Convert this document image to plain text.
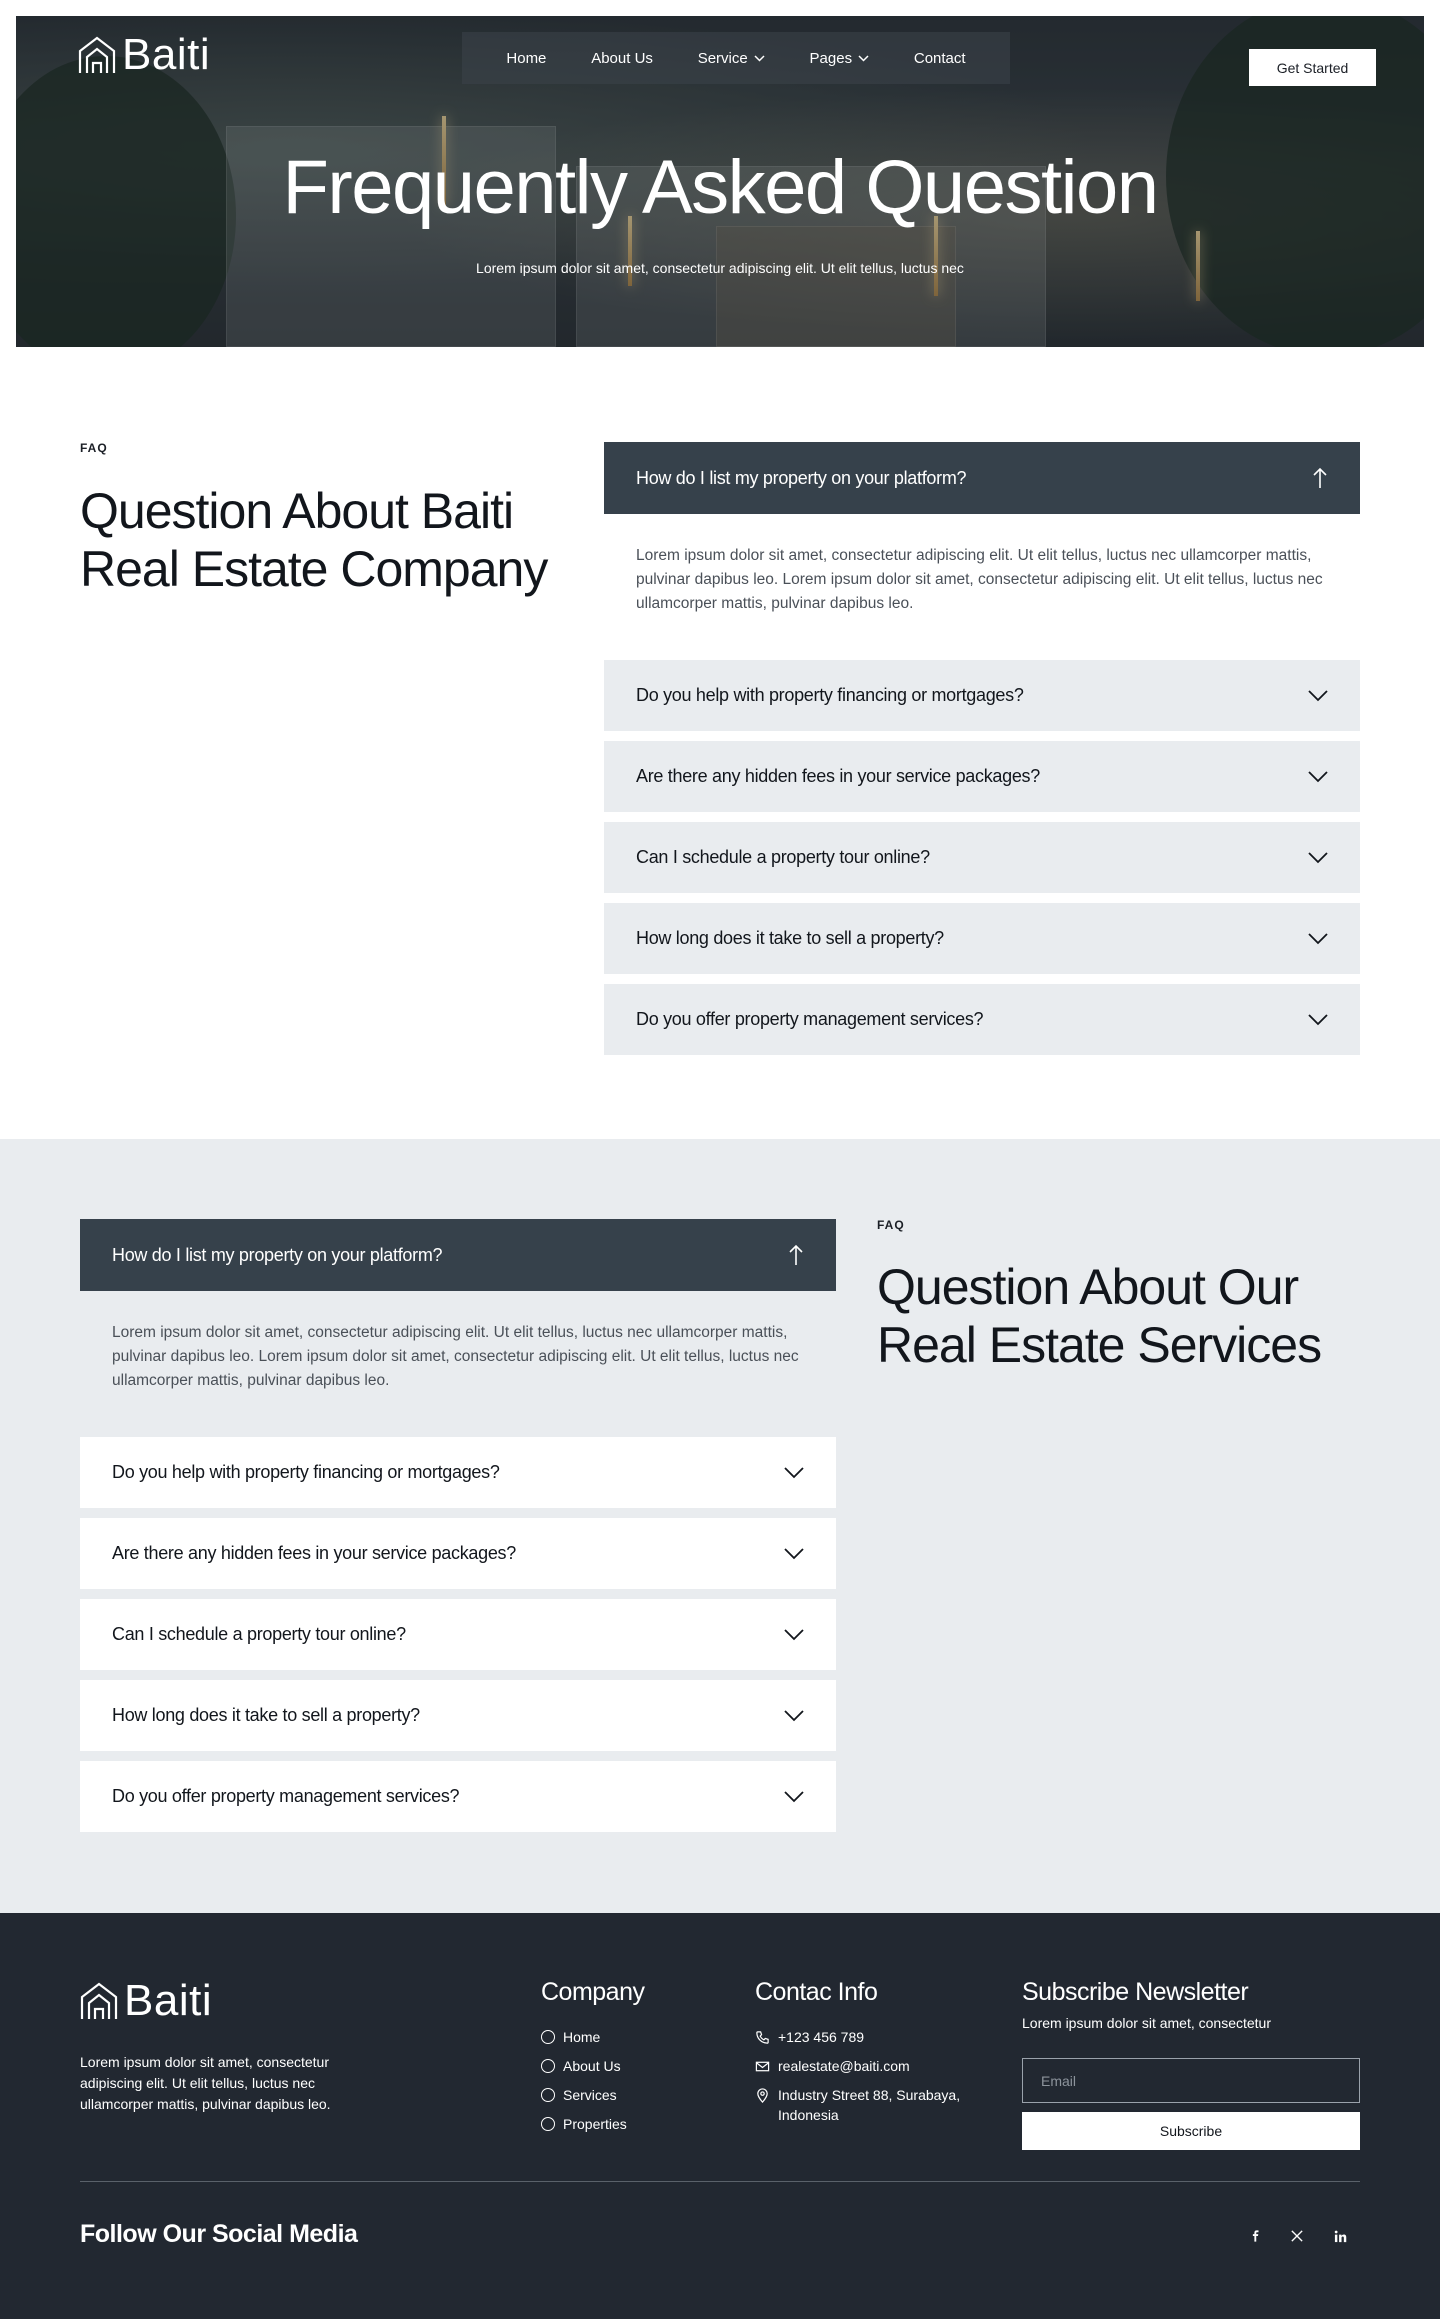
Baiti	Home	About Us	Service	Pages	Contact
Get Started
Frequently Asked Question

Lorem ipsum dolor sit amet, consectetur adipiscing elit. Ut elit tellus, luctus nec

FAQ
Question About Baiti
Real Estate Company
How do I list my property on your platform?
Lorem ipsum dolor sit amet, consectetur adipiscing elit. Ut elit tellus, luctus nec ullamcorper mattis, pulvinar dapibus leo. Lorem ipsum dolor sit amet, consectetur adipiscing elit. Ut elit tellus, luctus nec ullamcorper mattis, pulvinar dapibus leo.
Do you help with property financing or mortgages?
Are there any hidden fees in your service packages?
Can I schedule a property tour online?
How long does it take to sell a property?
Do you offer property management services?
How do I list my property on your platform?
Lorem ipsum dolor sit amet, consectetur adipiscing elit. Ut elit tellus, luctus nec ullamcorper mattis, pulvinar dapibus leo. Lorem ipsum dolor sit amet, consectetur adipiscing elit. Ut elit tellus, luctus nec ullamcorper mattis, pulvinar dapibus leo.
Do you help with property financing or mortgages?
Are there any hidden fees in your service packages?
Can I schedule a property tour online?
How long does it take to sell a property?
Do you offer property management services?
FAQ
Question About Our
Real Estate Services
Baiti

Lorem ipsum dolor sit amet, consectetur adipiscing elit. Ut elit tellus, luctus nec ullamcorper mattis, pulvinar dapibus leo.

Company
Home
About Us
Services
Properties
Contac Info
+123 456 789
realestate@baiti.com
Industry Street 88, Surabaya, Indonesia
Subscribe Newsletter

Lorem ipsum dolor sit amet, consectetur

Email
Subscribe
Follow Our Social Media
